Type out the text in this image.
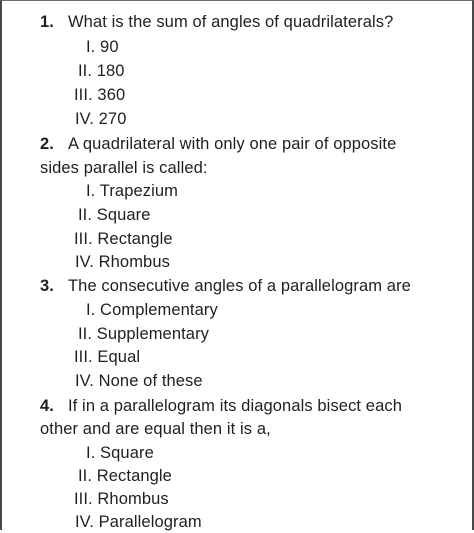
1. What is the sum of angles of quadrilaterals?
I. 90
II. 180
III. 360
IV. 270
2. A quadrilateral with only one pair of opposite
sides parallel is called:
I. Trapezium
II. Square
III. Rectangle
IV. Rhombus
3. The consecutive angles of a parallelogram are
I. Complementary
II. Supplementary
III. Equal
IV. None of these
4. If in a parallelogram its diagonals bisect each
other and are equal then it is a,
I. Square
II. Rectangle
III. Rhombus
IV. Parallelogram
